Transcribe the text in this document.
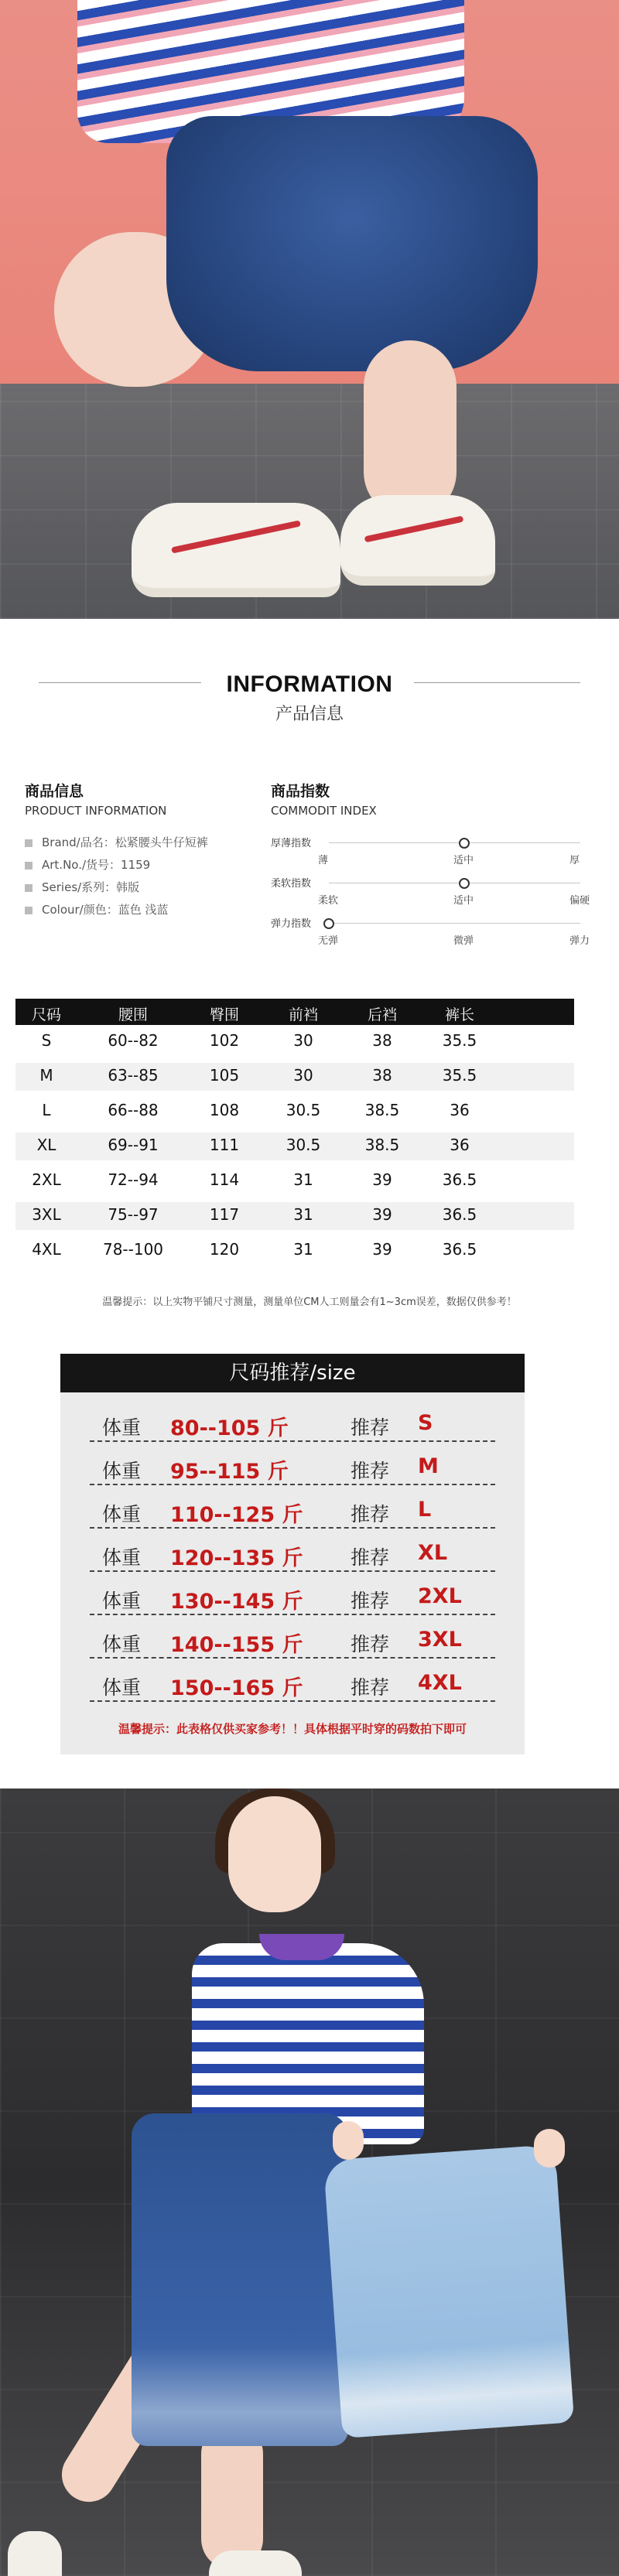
INFORMATION
产品信息
商品信息
PRODUCT INFORMATION
Brand/品名：松紧腰头牛仔短裤
Art.No./货号：1159
Series/系列：韩版
Colour/颜色：蓝色 浅蓝
商品指数
COMMODIT INDEX
厚薄指数
薄	适中	厚
柔软指数
柔软	适中	偏硬
弹力指数
无弹	微弹	弹力
温馨提示：以上实物平铺尺寸测量，测量单位CM人工则量会有1~3cm误差，数据仅供参考！
尺码推荐/size
体重 80--105 斤	推荐 S
体重 95--115 斤	推荐 M
体重 110--125 斤 推荐 L
体重 120--135 斤 推荐 XL
体重 130--145 斤 推荐 2XL
体重 140--155 斤 推荐 3XL
体重 150--165 斤 推荐 4XL
温馨提示：此表格仅供买家参考！！具体根据平时穿的码数拍下即可
尺码	腰围	臀围	前裆	后裆	裤长
S	60--82	102	30	38	35.5
M	63--85	105	30	38	35.5
L	66--88	108	30.5	38.5	36
XL	69--91	111	30.5	38.5	36
2XL	72--94	114	31	39	36.5
3XL	75--97	117	31	39	36.5
4XL	78--100	120	31	39	36.5
